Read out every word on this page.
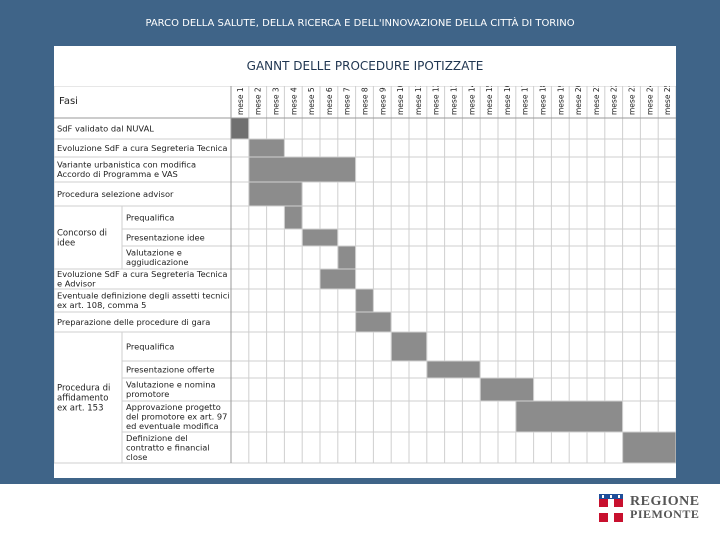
PARCO DELLA SALUTE, DELLA RICERCA E DELL'INNOVAZIONE DELLA CITTÀ DI TORINO
GANNT DELLE PROCEDURE IPOTIZZATE
mese 1 mese 2 mese 3 mese 4 mese 5 mese 6 mese 7 mese 8 mese 9 mese 10 mese 11 mese 12 mese 13 mese 14 mese 15 mese 16 mese 17 mese 18 mese 19 mese 20 mese 21 mese 22 mese 23 mese 24 mese 25
Fasi
Concorso di
idee
Procedura di
affidamento
ex art. 153
SdF validato dal NUVAL
Evoluzione SdF a cura Segreteria Tecnica
Variante urbanistica con modifica
Accordo di Programma e VAS
Procedura selezione advisor
Prequalifica
Presentazione idee
Valutazione e
aggiudicazione
Evoluzione SdF a cura Segreteria Tecnica
e Advisor
Eventuale definizione degli assetti tecnici
ex art. 108, comma 5
Preparazione delle procedure di gara
Prequalifica
Presentazione offerte
Valutazione e nomina
promotore
Approvazione progetto
del promotore ex art. 97
ed eventuale modifica
Definizione del
contratto e financial
close
REGIONE
PIEMONTE
